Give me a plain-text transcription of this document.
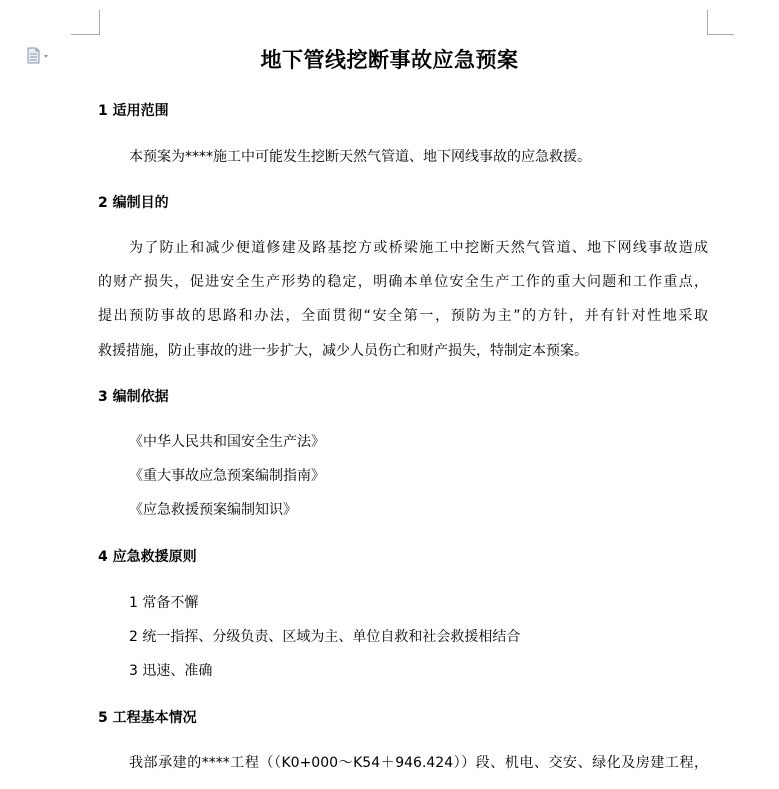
地下管线挖断事故应急预案
1 适用范围
本预案为****施工中可能发生挖断天然气管道、地下网线事故的应急救援。
2 编制目的
为了防止和减少便道修建及路基挖方或桥梁施工中挖断天然气管道、地下网线事故造成
的财产损失，促进安全生产形势的稳定，明确本单位安全生产工作的重大问题和工作重点，
提出预防事故的思路和办法，全面贯彻“安全第一，预防为主”的方针，并有针对性地采取
救援措施，防止事故的进一步扩大，减少人员伤亡和财产损失，特制定本预案。
3 编制依据
《中华人民共和国安全生产法》
《重大事故应急预案编制指南》
《应急救援预案编制知识》
4 应急救援原则
1 常备不懈
2 统一指挥、分级负责、区域为主、单位自救和社会救援相结合
3 迅速、准确
5 工程基本情况
我部承建的****工程（（K0+000～K54＋946.424））段、机电、交安、绿化及房建工程，
